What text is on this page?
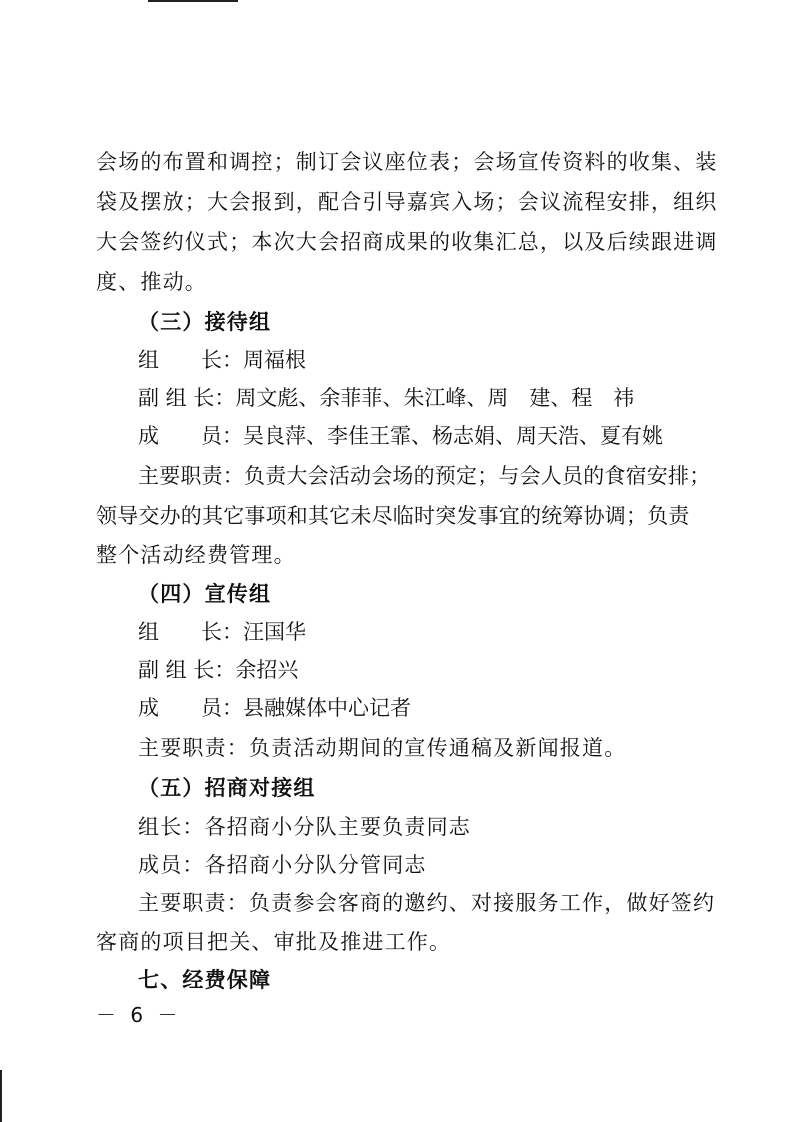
会场的布置和调控；制订会议座位表；会场宣传资料的收集、装
袋及摆放；大会报到，配合引导嘉宾入场；会议流程安排，组织
大会签约仪式；本次大会招商成果的收集汇总，以及后续跟进调
度、推动。
（三）接待组
组　　长：周福根
副 组 长：周文彪、余菲菲、朱江峰、周　建、程　祎
成　　员：吴良萍、李佳王霏、杨志娟、周天浩、夏有姚
主要职责：负责大会活动会场的预定；与会人员的食宿安排；
领导交办的其它事项和其它未尽临时突发事宜的统筹协调；负责
整个活动经费管理。
（四）宣传组
组　　长：汪国华
副 组 长：余招兴
成　　员：县融媒体中心记者
主要职责：负责活动期间的宣传通稿及新闻报道。
（五）招商对接组
组长：各招商小分队主要负责同志
成员：各招商小分队分管同志
主要职责：负责参会客商的邀约、对接服务工作，做好签约
客商的项目把关、审批及推进工作。
七、经费保障
－ 6 －
